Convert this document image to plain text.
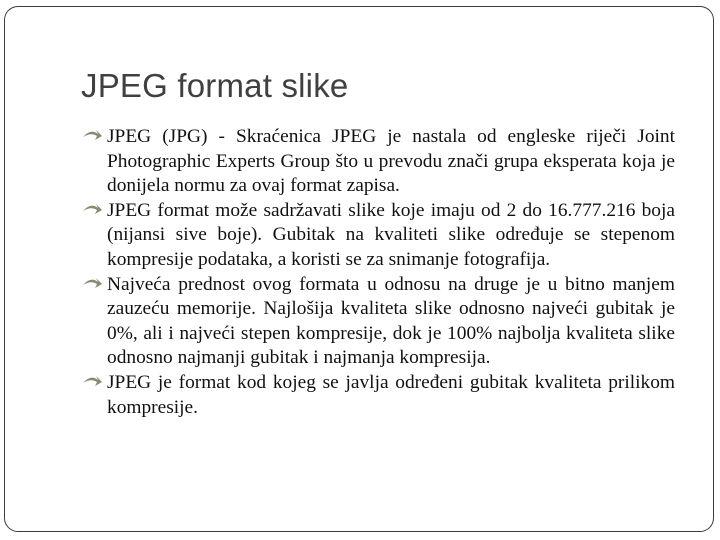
JPEG format slike
JPEG (JPG) - Skraćenica JPEG je nastala od engleske riječi Joint Photographic Experts Group što u prevodu znači grupa eksperata koja je donijela normu za ovaj format zapisa.
JPEG format može sadržavati slike koje imaju od 2 do 16.777.216 boja (nijansi sive boje). Gubitak na kvaliteti slike određuje se stepenom kompresije podataka, a koristi se za snimanje fotografija.
Najveća prednost ovog formata u odnosu na druge je u bitno manjem zauzeću memorije. Najlošija kvaliteta slike odnosno najveći gubitak je 0%, ali i najveći stepen kompresije, dok je 100% najbolja kvaliteta slike odnosno najmanji gubitak i najmanja kompresija.
JPEG je format kod kojeg se javlja određeni gubitak kvaliteta prilikom kompresije.
